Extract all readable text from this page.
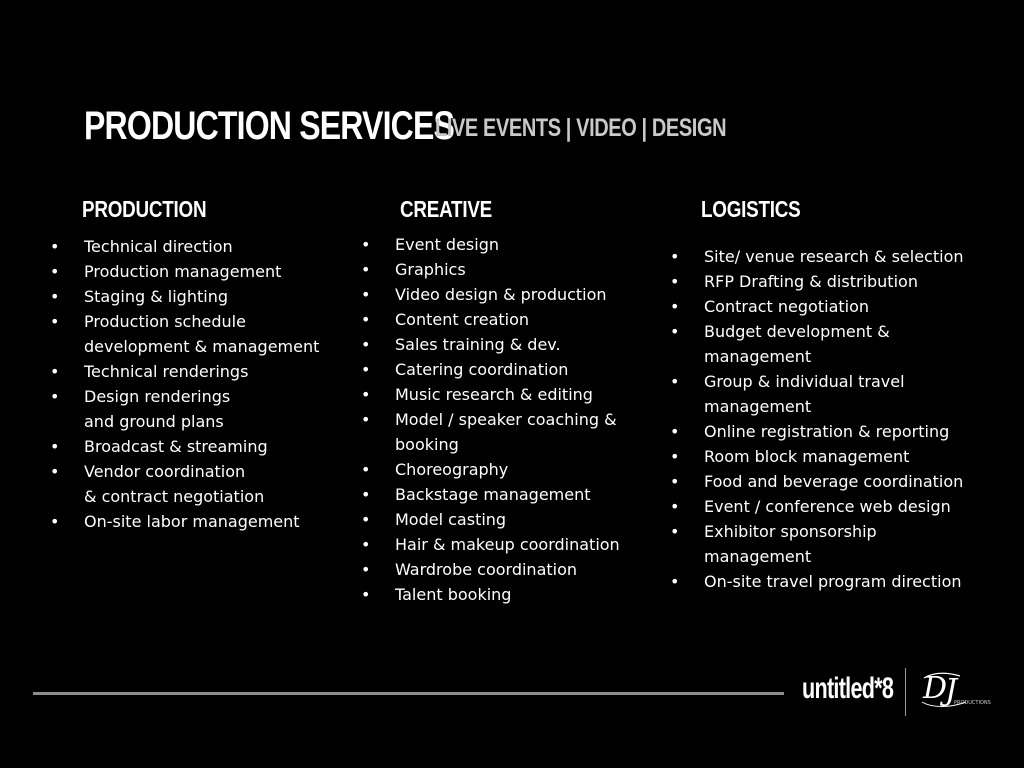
PRODUCTION SERVICES
LIVE EVENTS | VIDEO | DESIGN
PRODUCTION
• Technical direction
• Production management
• Staging & lighting
• Production schedule
development & management
• Technical renderings
• Design renderings
and ground plans
• Broadcast & streaming
• Vendor coordination
& contract negotiation
• On-site labor management
CREATIVE
• Event design
• Graphics
• Video design & production
• Content creation
• Sales training & dev.
• Catering coordination
• Music research & editing
• Model / speaker coaching &
booking
• Choreography
• Backstage management
• Model casting
• Hair & makeup coordination
• Wardrobe coordination
• Talent booking
LOGISTICS
• Site/ venue research & selection
• RFP Drafting & distribution
• Contract negotiation
• Budget development &
management
• Group & individual travel
management
• Online registration & reporting
• Room block management
• Food and beverage coordination
• Event / conference web design
• Exhibitor sponsorship
management
• On-site travel program direction
untitled*8 D
J
PRODUCTIONS
